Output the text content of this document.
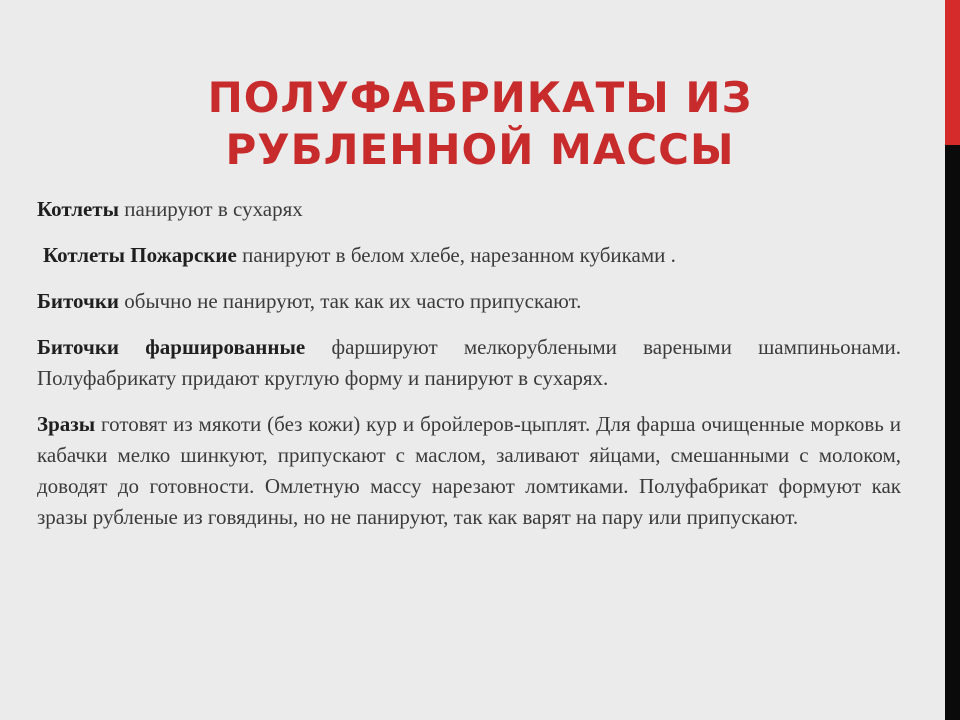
ПОЛУФАБРИКАТЫ ИЗ
РУБЛЕННОЙ МАССЫ

Котлеты панируют в сухарях

Котлеты Пожарские панируют в белом хлебе, нарезанном кубиками .

Биточки обычно не панируют, так как их часто припускают.

Биточки фаршированные фаршируют мелкорублеными вареными шампиньонами. Полуфабрикату придают круглую форму и панируют в сухарях.

Зразы готовят из мякоти (без кожи) кур и бройлеров-цыплят. Для фарша очищенные морковь и кабачки мелко шинкуют, припускают с маслом, заливают яйцами, смешанными с молоком, доводят до готовности. Омлетную массу нарезают ломтиками. Полуфабрикат формуют как зразы рубленые из говядины, но не панируют, так как варят на пару или припускают.
